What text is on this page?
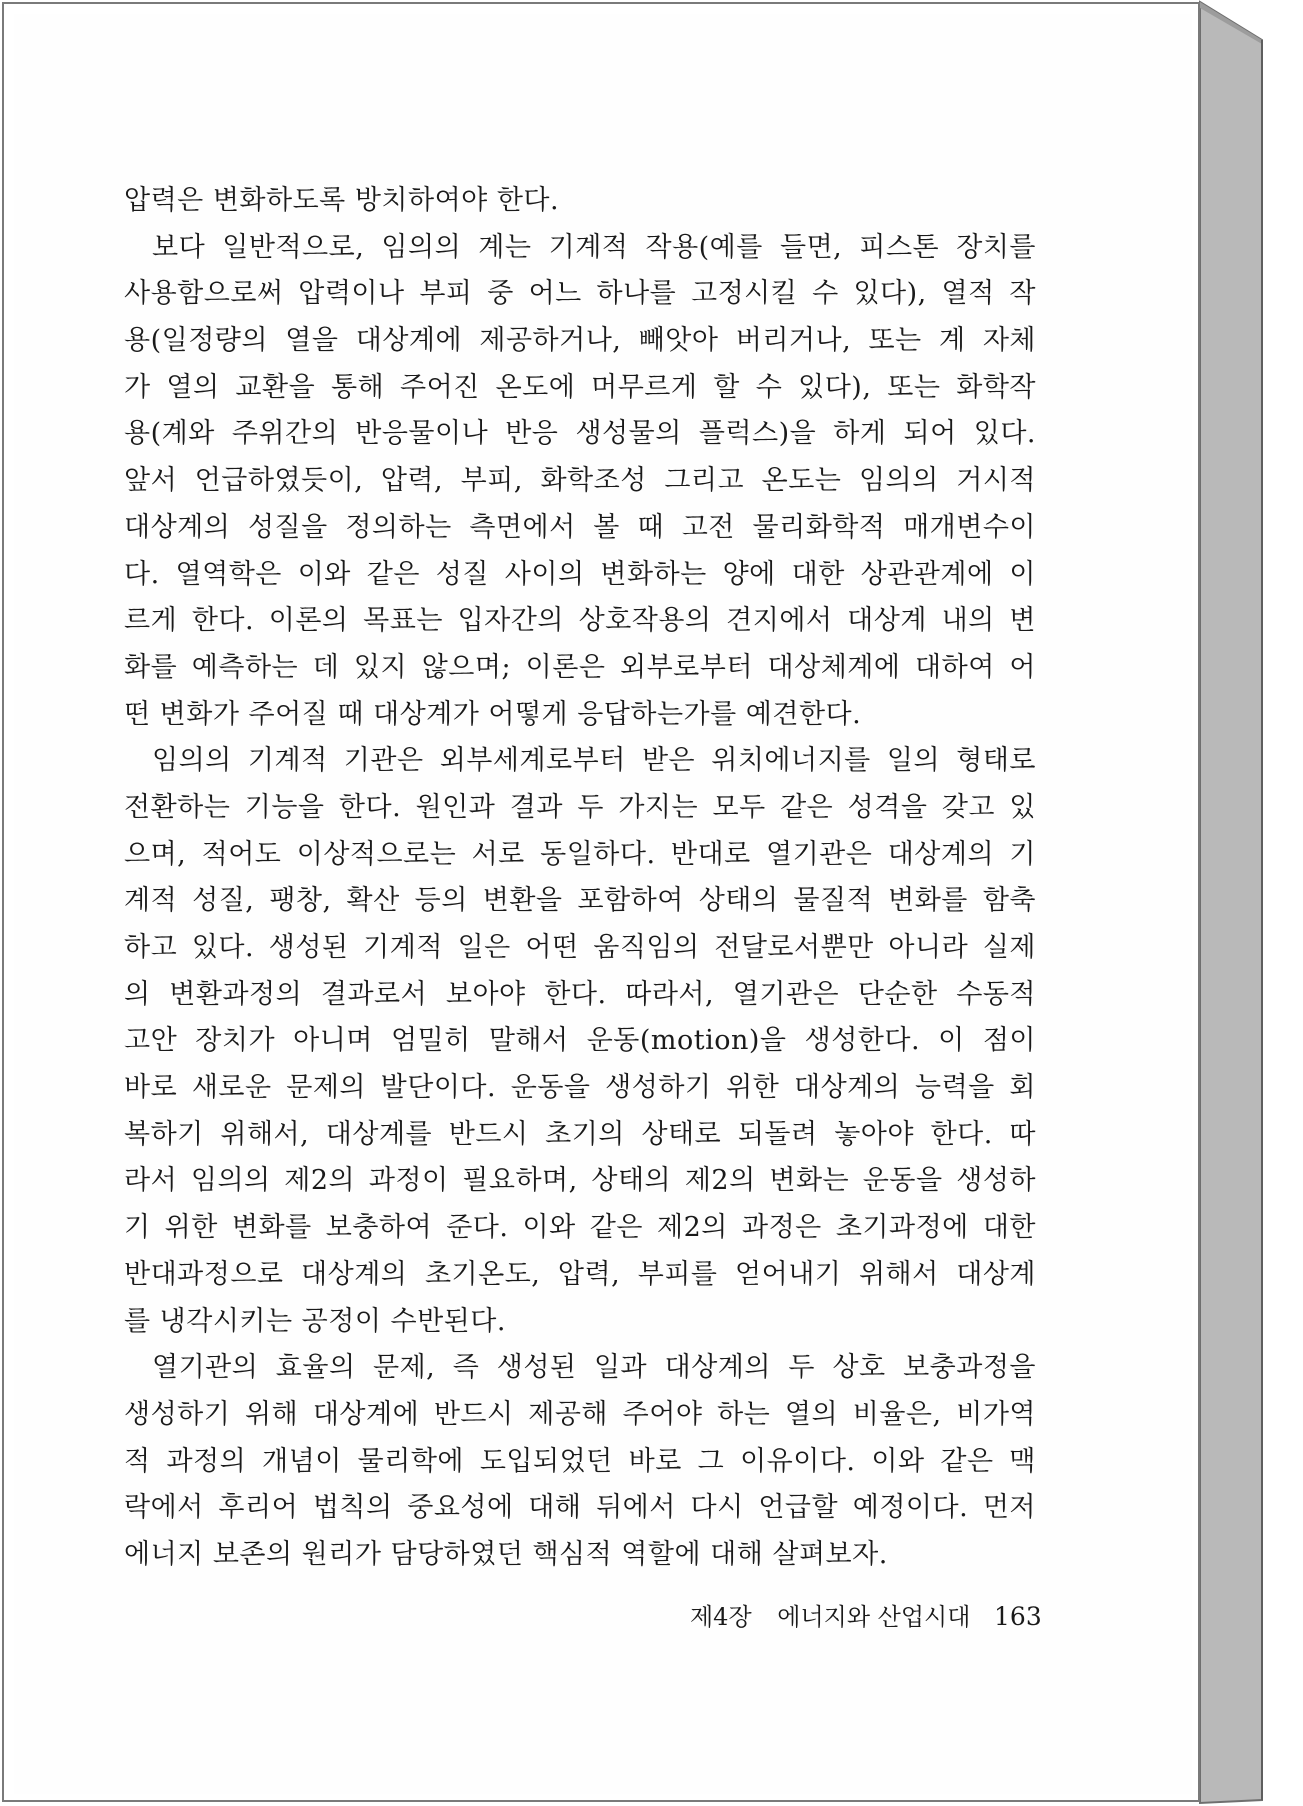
압력은 변화하도록 방치하여야 한다.
보다 일반적으로, 임의의 계는 기계적 작용(예를 들면, 피스톤 장치를
사용함으로써 압력이나 부피 중 어느 하나를 고정시킬 수 있다), 열적 작
용(일정량의 열을 대상계에 제공하거나, 빼앗아 버리거나, 또는 계 자체
가 열의 교환을 통해 주어진 온도에 머무르게 할 수 있다), 또는 화학작
용(계와 주위간의 반응물이나 반응 생성물의 플럭스)을 하게 되어 있다.
앞서 언급하였듯이, 압력, 부피, 화학조성 그리고 온도는 임의의 거시적
대상계의 성질을 정의하는 측면에서 볼 때 고전 물리화학적 매개변수이
다. 열역학은 이와 같은 성질 사이의 변화하는 양에 대한 상관관계에 이
르게 한다. 이론의 목표는 입자간의 상호작용의 견지에서 대상계 내의 변
화를 예측하는 데 있지 않으며; 이론은 외부로부터 대상체계에 대하여 어
떤 변화가 주어질 때 대상계가 어떻게 응답하는가를 예견한다.
임의의 기계적 기관은 외부세계로부터 받은 위치에너지를 일의 형태로
전환하는 기능을 한다. 원인과 결과 두 가지는 모두 같은 성격을 갖고 있
으며, 적어도 이상적으로는 서로 동일하다. 반대로 열기관은 대상계의 기
계적 성질, 팽창, 확산 등의 변환을 포함하여 상태의 물질적 변화를 함축
하고 있다. 생성된 기계적 일은 어떤 움직임의 전달로서뿐만 아니라 실제
의 변환과정의 결과로서 보아야 한다. 따라서, 열기관은 단순한 수동적
고안 장치가 아니며 엄밀히 말해서 운동(motion)을 생성한다. 이 점이
바로 새로운 문제의 발단이다. 운동을 생성하기 위한 대상계의 능력을 회
복하기 위해서, 대상계를 반드시 초기의 상태로 되돌려 놓아야 한다. 따
라서 임의의 제2의 과정이 필요하며, 상태의 제2의 변화는 운동을 생성하
기 위한 변화를 보충하여 준다. 이와 같은 제2의 과정은 초기과정에 대한
반대과정으로 대상계의 초기온도, 압력, 부피를 얻어내기 위해서 대상계
를 냉각시키는 공정이 수반된다.
열기관의 효율의 문제, 즉 생성된 일과 대상계의 두 상호 보충과정을
생성하기 위해 대상계에 반드시 제공해 주어야 하는 열의 비율은, 비가역
적 과정의 개념이 물리학에 도입되었던 바로 그 이유이다. 이와 같은 맥
락에서 후리어 법칙의 중요성에 대해 뒤에서 다시 언급할 예정이다. 먼저
에너지 보존의 원리가 담당하였던 핵심적 역할에 대해 살펴보자.
제4장 에너지와 산업시대 163
